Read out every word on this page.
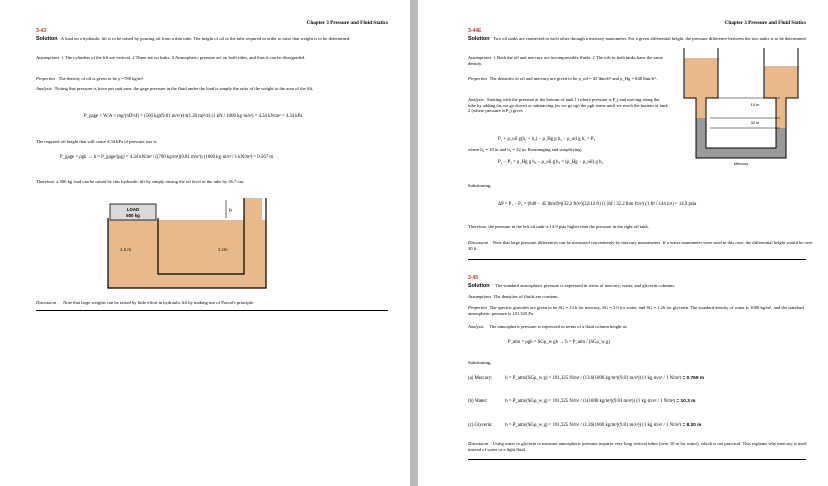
Chapter 3 Pressure and Fluid Statics
3-43
Solution A load on a hydraulic lift is to be raised by pouring oil from a thin tube. The height of oil in the tube required in order to raise that weight is to be determined.
Assumptions 1 The cylinders of the lift are vertical. 2 There are no leaks. 3 Atmospheric pressure act on both sides, and thus it can be disregarded.
Properties The density of oil is given to be ρ =780 kg/m³.
Analysis Noting that pressure is force per unit area, the gage pressure in the fluid under the load is simply the ratio of the weight to the area of the lift,
P_gage = W/A = mg/(πD²/4) = (500 kg)(9.81 m/s²)/(π(1.20 m)²/4) (1 kN / 1000 kg·m/s²) = 4.34 kN/m² = 4.34 kPa
The required oil height that will cause 4.34 kPa of pressure rise is
P_gage = ρgh → h = P_gage/(ρg) = 4.34 kN/m² / ((780 kg/m³)(9.81 m/s²)) (1000 kg·m/s² / 1 kN/m²) = 0.567 m
Therefore, a 500 kg load can be raised by this hydraulic lift by simply raising the oil level in the tube by 56.7 cm.
LOAD
500 kg
h
1.2 m	1 cm
Discussion Note that large weights can be raised by little effort in hydraulic lift by making use of Pascal's principle.
Chapter 3 Pressure and Fluid Statics
3-44E
Solution Two oil tanks are connected to each other through a mercury manometer. For a given differential height, the pressure difference between the two tanks is to be determined.
Assumptions 1 Both the oil and mercury are incompressible fluids. 2 The oils in both tanks have the same density.
Properties The densities of oil and mercury are given to be ρ_oil = 45 lbm/ft³ and ρ_Hg = 848 lbm/ft³.
Analysis Starting with the pressure at the bottom of tank 1 (where pressure is P₁) and moving along the tube by adding (as we go down) or subtracting (as we go up) the ρgh terms until we reach the bottom of tank 2 (where pressure is P₂) gives
10 in
32 in
Mercury
P₁ + ρ_oil g(h₁ + h₂) − ρ_Hg g h₂ − ρ_oil g h₁ = P₂
where h₁ = 10 in and h₂ = 32 in. Rearranging and simplifying,
P₁ − P₂ = ρ_Hg g h₂ − ρ_oil g h₂ = (ρ_Hg − ρ_oil) g h₂
Substituting,
ΔP = P₁ − P₂ = (848 − 45 lbm/ft³)(32.2 ft/s²)(32/12 ft) (1 lbf / 32.2 lbm·ft/s²) (1 ft² / 144 in²) = 14.9 psia
Therefore, the pressure in the left oil tank is 14.9 psia higher than the pressure in the right oil tank.
Discussion Note that large pressure differences can be measured conveniently by mercury manometers. If a water manometer were used in this case, the differential height would be over 30 ft.
3-45
Solution The standard atmospheric pressure is expressed in terms of mercury, water, and glycerin columns.
Assumptions The densities of fluids are constant.
Properties The specific gravities are given to be SG = 13.6 for mercury, SG = 1.0 for water, and SG = 1.26 for glycerin. The standard density of water is 1000 kg/m³, and the standard atmospheric pressure is 101,325 Pa.
Analysis The atmospheric pressure is expressed in terms of a fluid column height as
P_atm = ρgh = SGρ_w gh → h = P_atm / (SGρ_w g)
Substituting,
(a) Mercury:	h = P_atm/(SGρ_w g) = 101,325 N/m² / (13.6(1000 kg/m³)(9.81 m/s²)) (1 kg·m/s² / 1 N/m²) = 0.769 m
(b) Water:	h = P_atm/(SGρ_w g) = 101,325 N/m² / (1(1000 kg/m³)(9.81 m/s²)) (1 kg·m/s² / 1 N/m²) = 10.3 m
(c) Glycerin:	h = P_atm/(SGρ_w g) = 101,325 N/m² / (1.26(1000 kg/m³)(9.81 m/s²)) (1 kg·m/s² / 1 N/m²) = 8.20 m
Discussion Using water or glycerin to measure atmospheric pressure requires very long vertical tubes (over 10 m for water), which is not practical. This explains why mercury is used instead of water or a light fluid.
